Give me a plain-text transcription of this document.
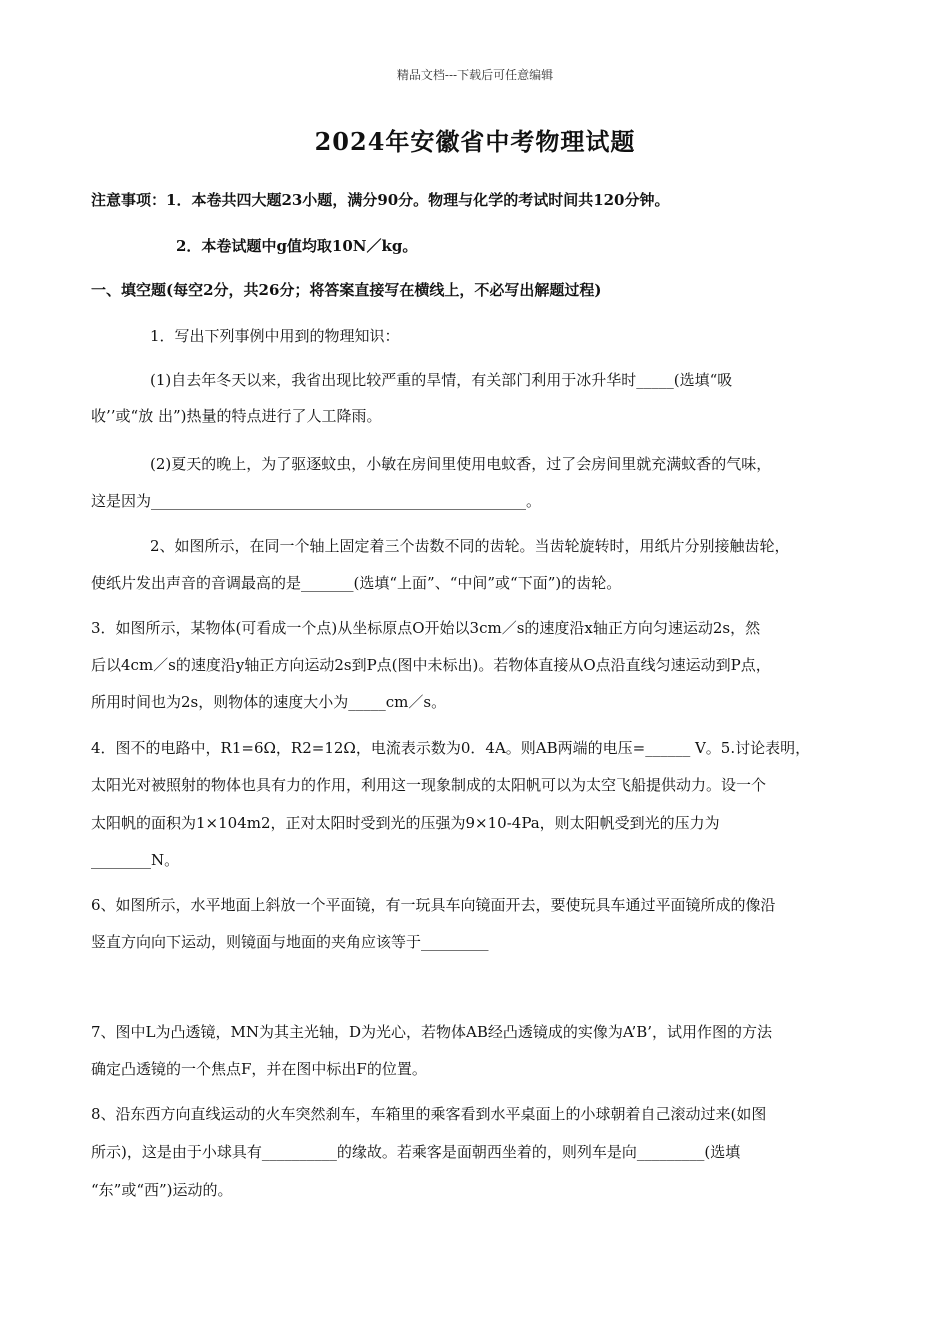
精品文档---下载后可任意编辑
2024年安徽省中考物理试题
注意事项：1．本卷共四大题23小题，满分90分。物理与化学的考试时间共120分钟。
2．本卷试题中g值均取10N／kg。
一、填空题(每空2分，共26分；将答案直接写在横线上，不必写出解题过程)
1．写出下列事例中用到的物理知识：
(1)自去年冬天以来，我省出现比较严重的旱情，有关部门利用于冰升华时_____(选填“吸
收’’或“放 出”)热量的特点进行了人工降雨。
(2)夏天的晚上，为了驱逐蚊虫，小敏在房间里使用电蚊香，过了会房间里就充满蚊香的气味，
这是因为__________________________________________________。
2、如图所示，在同一个轴上固定着三个齿数不同的齿轮。当齿轮旋转时，用纸片分别接触齿轮，
使纸片发出声音的音调最高的是_______(选填“上面”、“中间”或“下面”)的齿轮。
3．如图所示，某物体(可看成一个点)从坐标原点O开始以3cm／s的速度沿x轴正方向匀速运动2s，然
后以4cm／s的速度沿y轴正方向运动2s到P点(图中未标出)。若物体直接从O点沿直线匀速运动到P点，
所用时间也为2s，则物体的速度大小为_____cm／s。
4．图不的电路中，R1=6Ω，R2=12Ω，电流表示数为0．4A。则AB两端的电压=______ V。5.讨论表明，
太阳光对被照射的物体也具有力的作用，利用这一现象制成的太阳帆可以为太空飞船提供动力。设一个
太阳帆的面积为1×104m2，正对太阳时受到光的压强为9×10-4Pa，则太阳帆受到光的压力为
________N。
6、如图所示，水平地面上斜放一个平面镜，有一玩具车向镜面开去，要使玩具车通过平面镜所成的像沿
竖直方向向下运动，则镜面与地面的夹角应该等于_________
7、图中L为凸透镜，MN为其主光轴，D为光心，若物体AB经凸透镜成的实像为A’B’，试用作图的方法
确定凸透镜的一个焦点F，并在图中标出F的位置。
8、沿东西方向直线运动的火车突然刹车，车箱里的乘客看到水平桌面上的小球朝着自己滚动过来(如图
所示)，这是由于小球具有__________的缘故。若乘客是面朝西坐着的，则列车是向_________(选填
“东”或“西”)运动的。
